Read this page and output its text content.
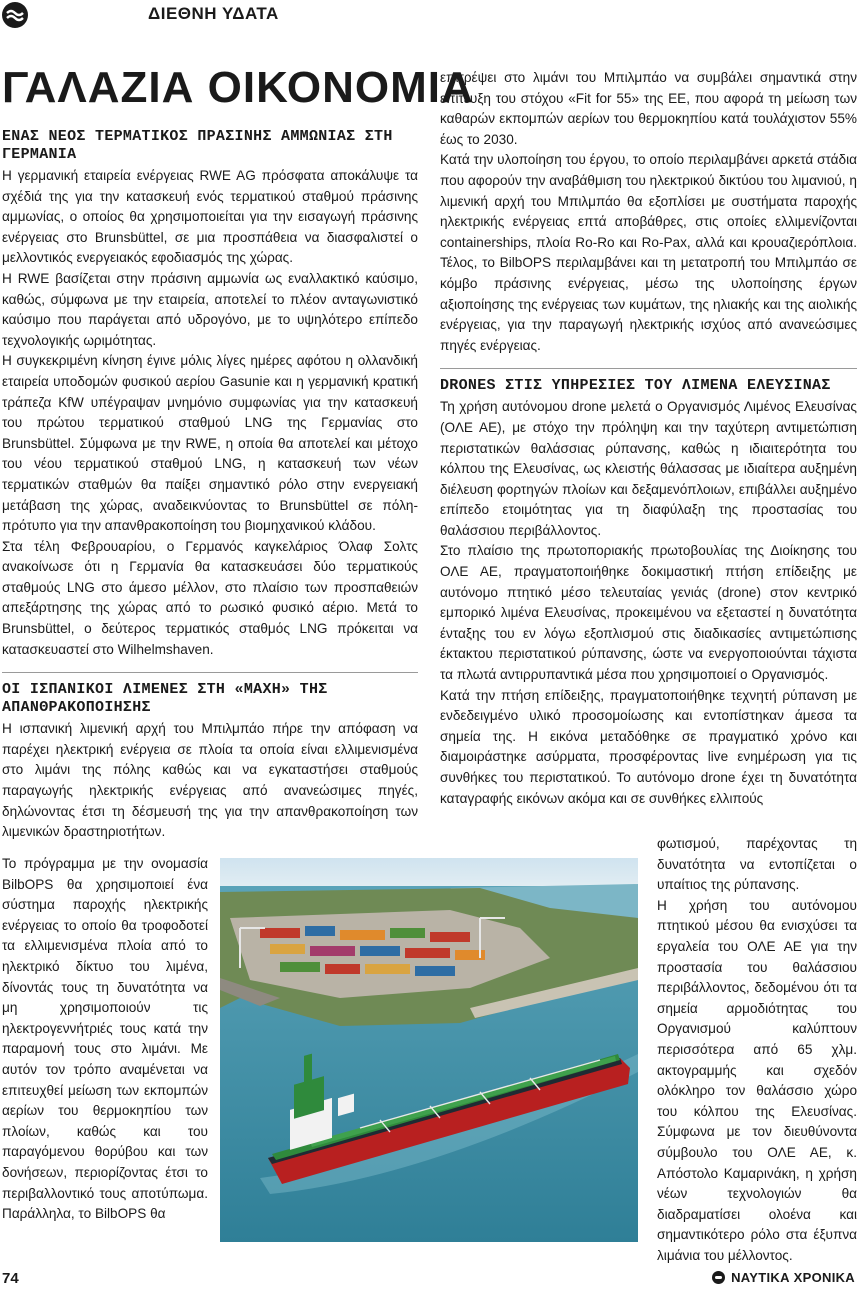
ΔΙΕΘΝΗ ΥΔΑΤΑ
ΓΑΛΑΖΙΑ ΟΙΚΟΝΟΜΙΑ
ΕΝΑΣ ΝΕΟΣ ΤΕΡΜΑΤΙΚΟΣ ΠΡΑΣΙΝΗΣ ΑΜΜΩΝΙΑΣ ΣΤΗ ΓΕΡΜΑΝΙΑ

Η γερμανική εταιρεία ενέργειας RWE AG πρόσφατα αποκάλυψε τα σχέδιά της για την κατασκευή ενός τερματικού σταθμού πράσινης αμμωνίας, ο οποίος θα χρησιμοποιείται για την εισαγωγή πράσινης ενέργειας στο Brunsbüttel, σε μια προσπάθεια να διασφαλιστεί ο μελλοντικός ενεργειακός εφοδιασμός της χώρας.

Η RWE βασίζεται στην πράσινη αμμωνία ως εναλλακτικό καύσιμο, καθώς, σύμφωνα με την εταιρεία, αποτελεί το πλέον ανταγωνιστικό καύσιμο που παράγεται από υδρογόνο, με το υψηλότερο επίπεδο τεχνολογικής ωριμότητας.

Η συγκεκριμένη κίνηση έγινε μόλις λίγες ημέρες αφότου η ολλανδική εταιρεία υποδομών φυσικού αερίου Gasunie και η γερμανική κρατική τράπεζα KfW υπέγραψαν μνημόνιο συμφωνίας για την κατασκευή του πρώτου τερματικού σταθμού LNG της Γερμανίας στο Brunsbüttel. Σύμφωνα με την RWE, η οποία θα αποτελεί και μέτοχο του νέου τερματικού σταθμού LNG, η κατασκευή των νέων τερματικών σταθμών θα παίξει σημαντικό ρόλο στην ενεργειακή μετάβαση της χώρας, αναδεικνύοντας το Brunsbüttel σε πόλη-πρότυπο για την απανθρακοποίηση του βιομηχανικού κλάδου.

Στα τέλη Φεβρουαρίου, ο Γερμανός καγκελάριος Όλαφ Σολτς ανακοίνωσε ότι η Γερμανία θα κατασκευάσει δύο τερματικούς σταθμούς LNG στο άμεσο μέλλον, στο πλαίσιο των προσπαθειών απεξάρτησης της χώρας από το ρωσικό φυσικό αέριο. Μετά το Brunsbüttel, ο δεύτερος τερματικός σταθμός LNG πρόκειται να κατασκευαστεί στο Wilhelmshaven.

ΟΙ ΙΣΠΑΝΙΚΟΙ ΛΙΜΕΝΕΣ ΣΤΗ «ΜΑΧΗ» ΤΗΣ ΑΠΑΝΘΡΑΚΟΠΟΙΗΣΗΣ

Η ισπανική λιμενική αρχή του Μπιλμπάο πήρε την απόφαση να παρέχει ηλεκτρική ενέργεια σε πλοία τα οποία είναι ελλιμενισμένα στο λιμάνι της πόλης καθώς και να εγκαταστήσει σταθμούς παραγωγής ηλεκτρικής ενέργειας από ανανεώσιμες πηγές, δηλώνοντας έτσι τη δέσμευσή της για την απανθρακοποίηση των λιμενικών δραστηριοτήτων.

Το πρόγραμμα με την ονομασία BilbOPS θα χρησιμοποιεί ένα σύστημα παροχής ηλεκτρικής ενέργειας το οποίο θα τροφοδοτεί τα ελλιμενισμένα πλοία από το ηλεκτρικό δίκτυο του λιμένα, δίνοντάς τους τη δυνατότητα να μη χρησιμοποιούν τις ηλεκτρογεννήτριές τους κατά την παραμονή τους στο λιμάνι. Με αυτόν τον τρόπο αναμένεται να επιτευχθεί μείωση των εκπομπών αερίων του θερμοκηπίου των πλοίων, καθώς και του παραγόμενου θορύβου και των δονήσεων, περιορίζοντας έτσι το περιβαλλοντικό τους αποτύπωμα. Παράλληλα, το BilbOPS θα

επιτρέψει στο λιμάνι του Μπιλμπάο να συμβάλει σημαντικά στην επίτευξη του στόχου «Fit for 55» της ΕΕ, που αφορά τη μείωση των καθαρών εκπομπών αερίων του θερμοκηπίου κατά τουλάχιστον 55% έως το 2030.

Κατά την υλοποίηση του έργου, το οποίο περιλαμβάνει αρκετά στάδια που αφορούν την αναβάθμιση του ηλεκτρικού δικτύου του λιμανιού, η λιμενική αρχή του Μπιλμπάο θα εξοπλίσει με συστήματα παροχής ηλεκτρικής ενέργειας επτά αποβάθρες, στις οποίες ελλιμενίζονται containerships, πλοία Ro-Ro και Ro-Pax, αλλά και κρουαζιερόπλοια. Τέλος, το BilbOPS περιλαμβάνει και τη μετατροπή του Μπιλμπάο σε κόμβο πράσινης ενέργειας, μέσω της υλοποίησης έργων αξιοποίησης της ενέργειας των κυμάτων, της ηλιακής και της αιολικής ενέργειας, για την παραγωγή ηλεκτρικής ισχύος από ανανεώσιμες πηγές ενέργειας.

DRONES ΣΤΙΣ ΥΠΗΡΕΣΙΕΣ ΤΟΥ ΛΙΜΕΝΑ ΕΛΕΥΣΙΝΑΣ

Τη χρήση αυτόνομου drone μελετά ο Οργανισμός Λιμένος Ελευσίνας (ΟΛΕ ΑΕ), με στόχο την πρόληψη και την ταχύτερη αντιμετώπιση περιστατικών θαλάσσιας ρύπανσης, καθώς η ιδιαιτερότητα του κόλπου της Ελευσίνας, ως κλειστής θάλασσας με ιδιαίτερα αυξημένη διέλευση φορτηγών πλοίων και δεξαμενόπλοιων, επιβάλλει αυξημένο επίπεδο ετοιμότητας για τη διαφύλαξη της προστασίας του θαλάσσιου περιβάλλοντος.

Στο πλαίσιο της πρωτοποριακής πρωτοβουλίας της Διοίκησης του ΟΛΕ ΑΕ, πραγματοποιήθηκε δοκιμαστική πτήση επίδειξης με αυτόνομο πτητικό μέσο τελευταίας γενιάς (drone) στον κεντρικό εμπορικό λιμένα Ελευσίνας, προκειμένου να εξεταστεί η δυνατότητα ένταξης του εν λόγω εξοπλισμού στις διαδικασίες αντιμετώπισης έκτακτου περιστατικού ρύπανσης, ώστε να ενεργοποιούνται τάχιστα τα πλωτά αντιρρυπαντικά μέσα που χρησιμοποιεί ο Οργανισμός.

Κατά την πτήση επίδειξης, πραγματοποιήθηκε τεχνητή ρύπανση με ενδεδειγμένο υλικό προσομοίωσης και εντοπίστηκαν άμεσα τα σημεία της. Η εικόνα μεταδόθηκε σε πραγματικό χρόνο και διαμοιράστηκε ασύρματα, προσφέροντας live ενημέρωση για τις συνθήκες του περιστατικού. Το αυτόνομο drone έχει τη δυνατότητα καταγραφής εικόνων ακόμα και σε συνθήκες ελλιπούς

φωτισμού, παρέχοντας τη δυνατότητα να εντοπίζεται ο υπαίτιος της ρύπανσης.

Η χρήση του αυτόνομου πτητικού μέσου θα ενισχύσει τα εργαλεία του ΟΛΕ ΑΕ για την προστασία του θαλάσσιου περιβάλλοντος, δεδομένου ότι τα σημεία αρμοδιότητας του Οργανισμού καλύπτουν περισσότερα από 65 χλμ. ακτογραμμής και σχεδόν ολόκληρο τον θαλάσσιο χώρο του κόλπου της Ελευσίνας. Σύμφωνα με τον διευθύνοντα σύμβουλο του ΟΛΕ ΑΕ, κ. Απόστολο Καμαρινάκη, η χρήση νέων τεχνολογιών θα διαδραματίσει ολοένα και σημαντικότερο ρόλο στα έξυπνα λιμάνια του μέλλοντος.

74	ΝΑΥΤΙΚΑ ΧΡΟΝΙΚΑ
